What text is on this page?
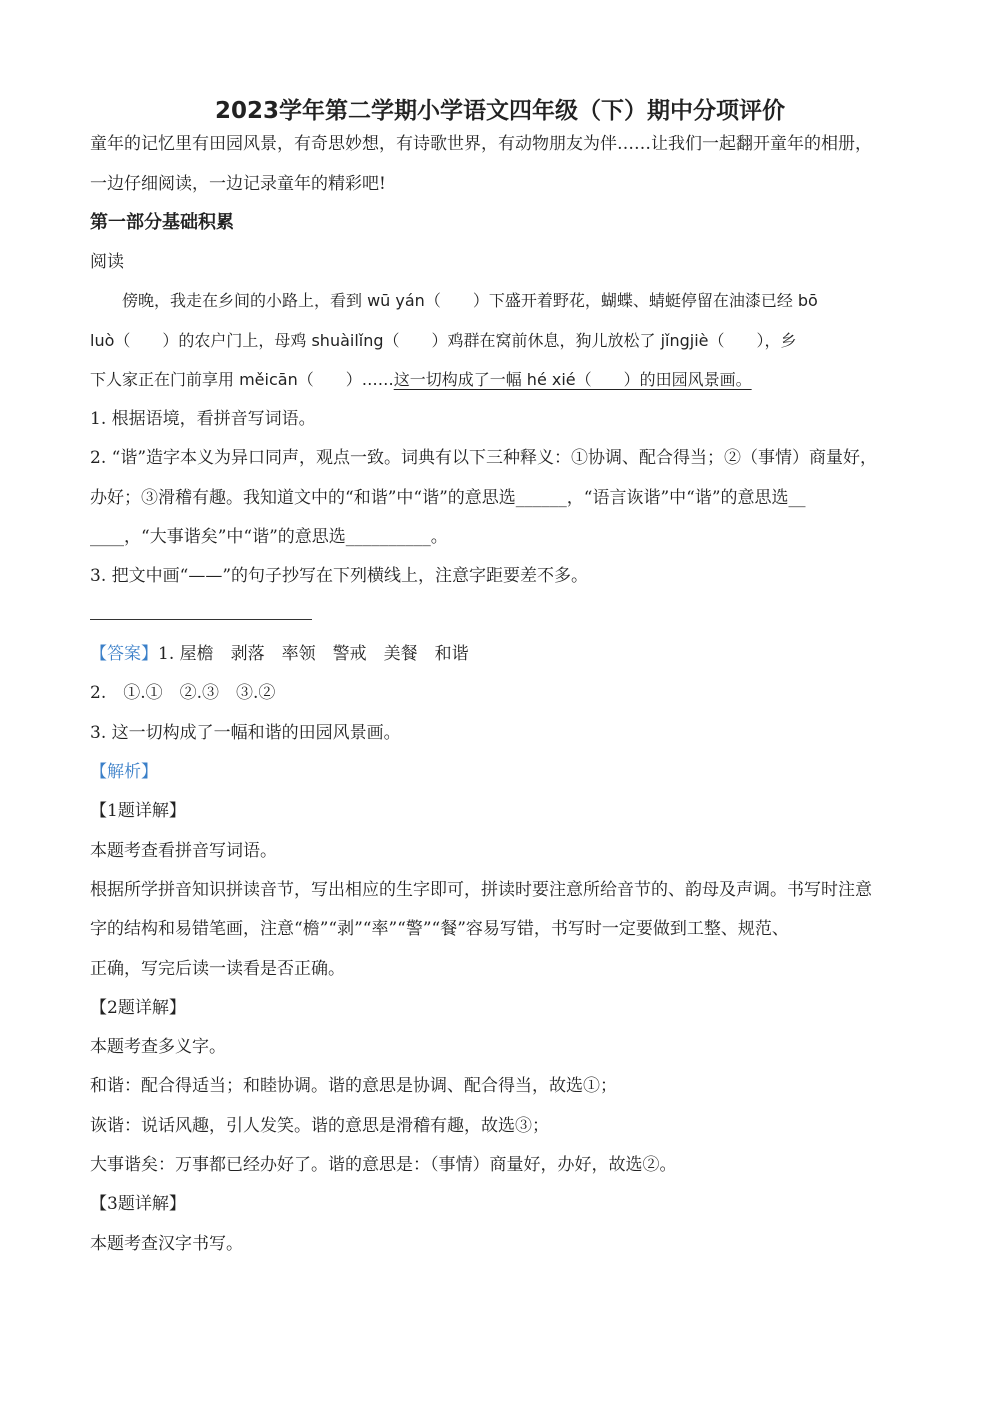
2023学年第二学期小学语文四年级（下）期中分项评价
童年的记忆里有田园风景，有奇思妙想，有诗歌世界，有动物朋友为伴……让我们一起翻开童年的相册，
一边仔细阅读，一边记录童年的精彩吧!
第一部分基础积累
阅读
傍晚，我走在乡间的小路上，看到 wū yán（　　）下盛开着野花，蝴蝶、蜻蜓停留在油漆已经 bō
luò（　　）的农户门上，母鸡 shuàilǐng（　　）鸡群在窝前休息，狗儿放松了 jǐngjiè（　　），乡
下人家正在门前享用 měicān（　　）……这一切构成了一幅 hé xié（　　）的田园风景画。
1. 根据语境，看拼音写词语。
2. “谐”造字本义为异口同声，观点一致。词典有以下三种释义：①协调、配合得当；②（事情）商量好，
办好；③滑稽有趣。我知道文中的“和谐”中“谐”的意思选______，“语言诙谐”中“谐”的意思选__
____，“大事谐矣”中“谐”的意思选__________。
3. 把文中画“——”的句子抄写在下列横线上，注意字距要差不多。
【答案】1. 屋檐　剥落　率领　警戒　美餐　和谐
2.　①.①　②.③　③.②
3. 这一切构成了一幅和谐的田园风景画。
【解析】
【1题详解】
本题考查看拼音写词语。
根据所学拼音知识拼读音节，写出相应的生字即可，拼读时要注意所给音节的、韵母及声调。书写时注意
字的结构和易错笔画，注意“檐”“剥”“率”“警”“餐”容易写错，书写时一定要做到工整、规范、
正确，写完后读一读看是否正确。
【2题详解】
本题考查多义字。
和谐：配合得适当；和睦协调。谐的意思是协调、配合得当，故选①；
诙谐：说话风趣，引人发笑。谐的意思是滑稽有趣，故选③；
大事谐矣：万事都已经办好了。谐的意思是：（事情）商量好，办好，故选②。
【3题详解】
本题考查汉字书写。
